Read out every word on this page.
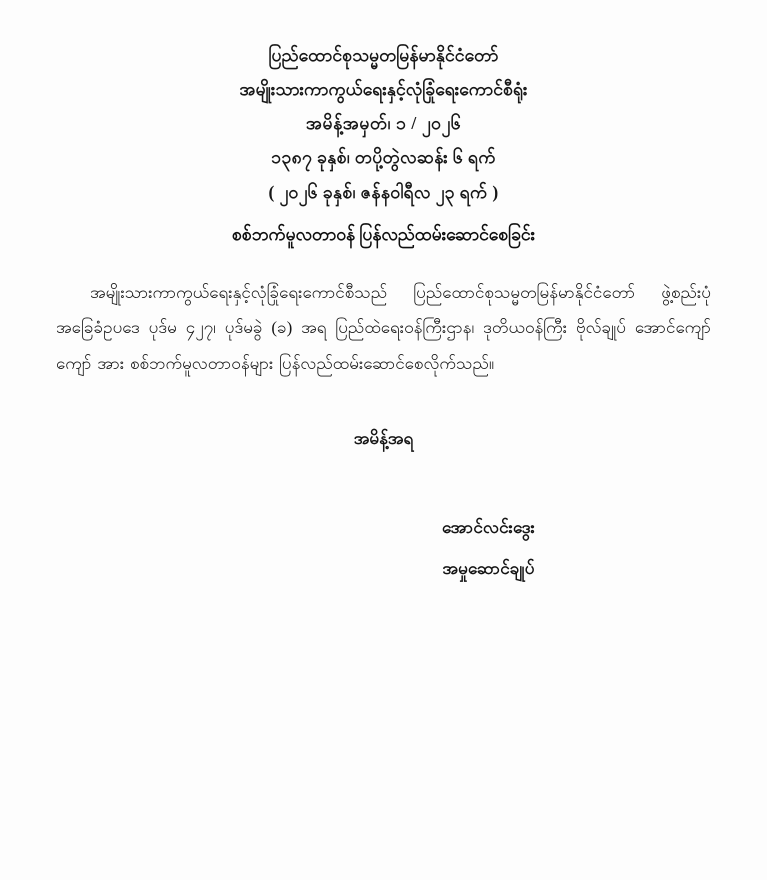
ပြည်ထောင်စုသမ္မတမြန်မာနိုင်ငံတော်
အမျိုးသားကာကွယ်ရေးနှင့်လုံခြုံရေးကောင်စီရုံး
အမိန့်အမှတ်၊ ၁ / ၂၀၂၆
၁၃၈၇ ခုနှစ်၊ တပို့တွဲလဆန်း ၆ ရက်
( ၂၀၂၆ ခုနှစ်၊ ဇန်နဝါရီလ ၂၃ ရက် )
စစ်ဘက်မူလတာဝန် ပြန်လည်ထမ်းဆောင်စေခြင်း
အမျိုးသားကာကွယ်ရေးနှင့်လုံခြုံရေးကောင်စီသည် ပြည်ထောင်စုသမ္မတမြန်မာနိုင်ငံတော် ဖွဲ့စည်းပုံအခြေခံဥပဒေ ပုဒ်မ ၄၂၇၊ ပုဒ်မခွဲ (ခ) အရ ပြည်ထဲရေးဝန်ကြီးဌာန၊ ဒုတိယဝန်ကြီး ဗိုလ်ချုပ် အောင်ကျော်ကျော် အား စစ်ဘက်မူလတာဝန်များ ပြန်လည်ထမ်းဆောင်စေလိုက်သည်။
အမိန့်အရ
အောင်လင်းဒွေး
အမှုဆောင်ချုပ်
